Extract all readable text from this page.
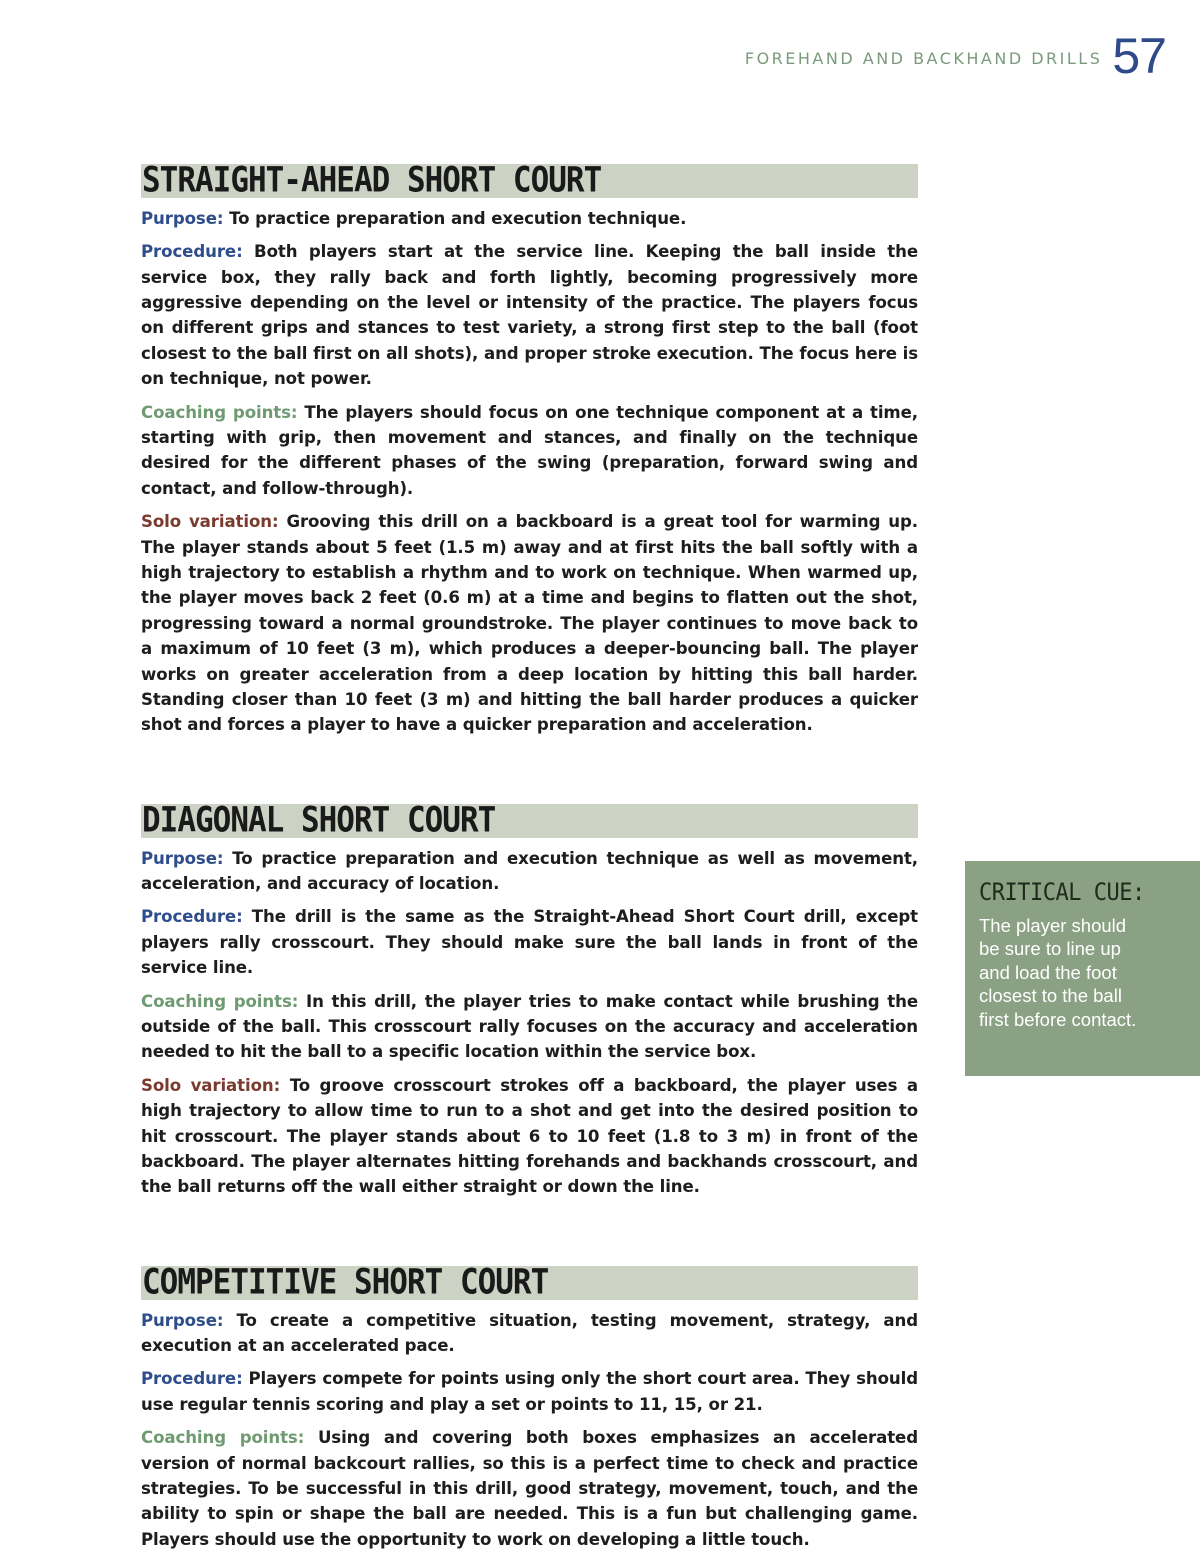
FOREHAND AND BACKHAND DRILLS 57
STRAIGHT-AHEAD SHORT COURT

Purpose: To practice preparation and execution technique.

Procedure: Both players start at the service line. Keeping the ball inside the service box, they rally back and forth lightly, becoming progressively more aggressive depending on the level or intensity of the practice. The players focus on different grips and stances to test variety, a strong first step to the ball (foot closest to the ball first on all shots), and proper stroke execution. The focus here is on technique, not power.

Coaching points: The players should focus on one technique component at a time, starting with grip, then movement and stances, and finally on the technique desired for the different phases of the swing (preparation, forward swing and contact, and follow-through).

Solo variation: Grooving this drill on a backboard is a great tool for warming up. The player stands about 5 feet (1.5 m) away and at first hits the ball softly with a high trajectory to establish a rhythm and to work on technique. When warmed up, the player moves back 2 feet (0.6 m) at a time and begins to flatten out the shot, progressing toward a normal groundstroke. The player continues to move back to a maximum of 10 feet (3 m), which produces a deeper-bouncing ball. The player works on greater acceleration from a deep location by hitting this ball harder. Standing closer than 10 feet (3 m) and hitting the ball harder produces a quicker shot and forces a player to have a quicker preparation and acceleration.

DIAGONAL SHORT COURT

Purpose: To practice preparation and execution technique as well as movement, acceleration, and accuracy of location.

Procedure: The drill is the same as the Straight-Ahead Short Court drill, except players rally crosscourt. They should make sure the ball lands in front of the service line.

Coaching points: In this drill, the player tries to make contact while brushing the outside of the ball. This crosscourt rally focuses on the accuracy and acceleration needed to hit the ball to a specific location within the service box.

Solo variation: To groove crosscourt strokes off a backboard, the player uses a high trajectory to allow time to run to a shot and get into the desired position to hit crosscourt. The player stands about 6 to 10 feet (1.8 to 3 m) in front of the backboard. The player alternates hitting forehands and backhands crosscourt, and the ball returns off the wall either straight or down the line.

COMPETITIVE SHORT COURT

Purpose: To create a competitive situation, testing movement, strategy, and execution at an accelerated pace.

Procedure: Players compete for points using only the short court area. They should use regular tennis scoring and play a set or points to 11, 15, or 21.

Coaching points: Using and covering both boxes emphasizes an accelerated version of normal backcourt rallies, so this is a perfect time to check and practice strategies. To be successful in this drill, good strategy, movement, touch, and the ability to spin or shape the ball are needed. This is a fun but challenging game. Players should use the opportunity to work on developing a little touch.

CRITICAL CUE:
The player should be sure to line up and load the foot closest to the ball first before contact.
